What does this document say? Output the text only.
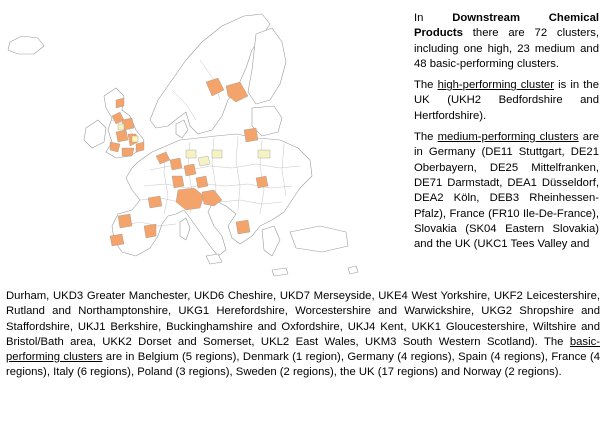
In Downstream Chemical Products there are 72 clusters, including one high, 23 medium and 48 basic-performing clusters.

The high-performing cluster is in the UK (UKH2 Bedfordshire and Hertfordshire).

The medium-performing clusters are in Germany (DE11 Stuttgart, DE21 Oberbayern, DE25 Mittelfranken, DE71 Darmstadt, DEA1 Düsseldorf, DEA2 Köln, DEB3 Rheinhessen-Pfalz), France (FR10 Ile-De-France), Slovakia (SK04 Eastern Slovakia) and the UK (UKC1 Tees Valley and

Durham, UKD3 Greater Manchester, UKD6 Cheshire, UKD7 Merseyside, UKE4 West Yorkshire, UKF2 Leicestershire, Rutland and Northamptonshire, UKG1 Herefordshire, Worcestershire and Warwickshire, UKG2 Shropshire and Staffordshire, UKJ1 Berkshire, Buckinghamshire and Oxfordshire, UKJ4 Kent, UKK1 Gloucestershire, Wiltshire and Bristol/Bath area, UKK2 Dorset and Somerset, UKL2 East Wales, UKM3 South Western Scotland). The basic-performing clusters are in Belgium (5 regions), Denmark (1 region), Germany (4 regions), Spain (4 regions), France (4 regions), Italy (6 regions), Poland (3 regions), Sweden (2 regions), the UK (17 regions) and Norway (2 regions).
